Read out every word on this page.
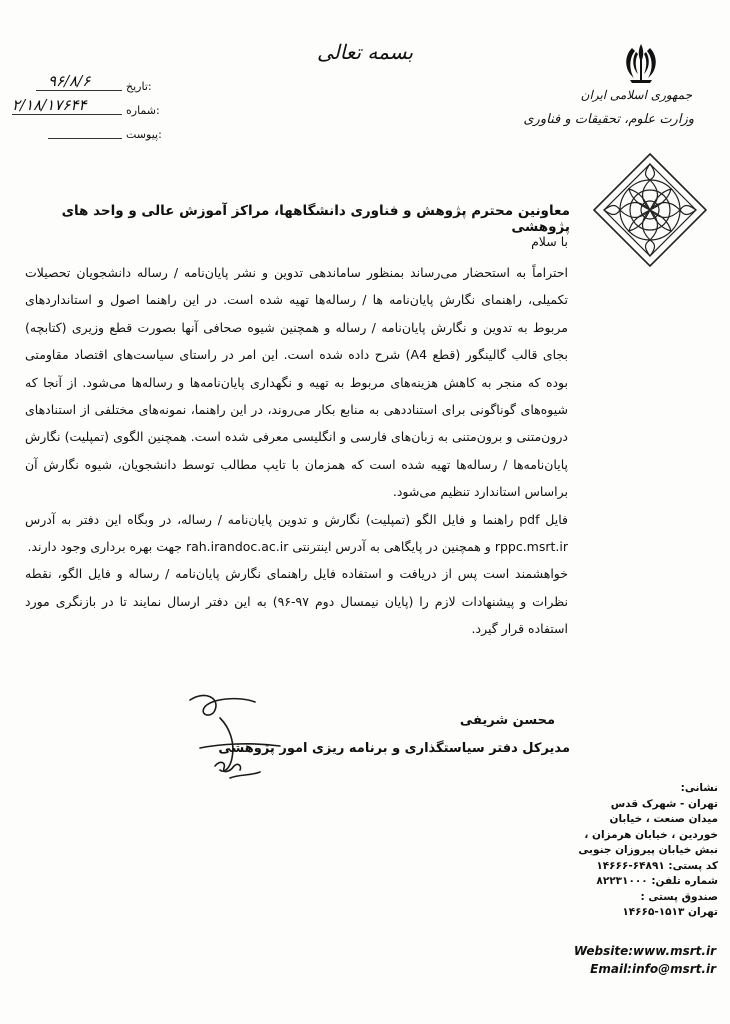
بسمه تعالی
جمهوری اسلامی ایران
وزارت علوم، تحقیقات و فناوری
تاریخ:
۹۶/۸/۶
شماره:
۲/۱۸/۱۷۶۴۴
پیوست:
معاونین محترم پژوهش و فناوری دانشگاهها، مراکز آموزش عالی و واحد های پژوهشی
با سلام

احتراماً به استحضار می‌رساند بمنظور ساماندهی تدوین و نشر پایان‌نامه / رساله دانشجویان تحصیلات تکمیلی، راهنمای نگارش پایان‌نامه ها / رساله‌ها تهیه شده است. در این راهنما اصول و استانداردهای مربوط به تدوین و نگارش پایان‌نامه / رساله و همچنین شیوه صحافی آنها بصورت قطع وزیری (کتابچه) بجای قالب گالینگور (قطع A4) شرح داده شده است. این امر در راستای سیاست‌های اقتصاد مقاومتی بوده که منجر به کاهش هزینه‌های مربوط به تهیه و نگهداری پایان‌نامه‌ها و رساله‌ها می‌شود. از آنجا که شیوه‌های گوناگونی برای استناددهی به منابع بکار می‌روند، در این راهنما، نمونه‌های مختلفی از استنادهای درون‌متنی و برون‌متنی به زبان‌های فارسی و انگلیسی معرفی شده است. همچنین الگوی (تمپلیت) نگارش پایان‌نامه‌ها / رساله‌ها تهیه شده است که همزمان با تایپ مطالب توسط دانشجویان، شیوه نگارش آن براساس استاندارد تنظیم می‌شود.

فایل pdf راهنما و فایل الگو (تمپلیت) نگارش و تدوین پایان‌نامه / رساله، در وبگاه این دفتر به آدرس rppc.msrt.ir و همچنین در پایگاهی به آدرس اینترنتی rah.irandoc.ac.ir جهت بهره برداری وجود دارند.

خواهشمند است پس از دریافت و استفاده فایل راهنمای نگارش پایان‌نامه / رساله و فایل الگو، نقطه نظرات و پیشنهادات لازم را (پایان نیمسال دوم ۹۷-۹۶) به این دفتر ارسال نمایند تا در بازنگری مورد استفاده قرار گیرد.

محسن شریفی
مدیرکل دفتر سیاستگذاری و برنامه ریزی امور پژوهشی
نشانی:
تهران - شهرک قدس
میدان صنعت ، خیابان
خوردین ، خیابان هرمزان ،
نبش خیابان پیروزان جنوبی
کد پستی: ۶۴۸۹۱-۱۴۶۶۶
شماره تلفن: ۸۲۲۳۱۰۰۰
صندوق پستی :
تهران ۱۵۱۳-۱۴۶۶۵
Website:www.msrt.ir
Email:info@msrt.ir
